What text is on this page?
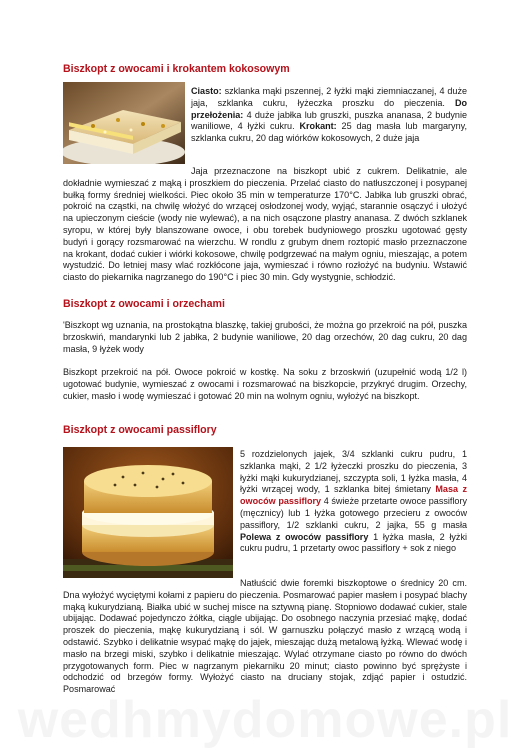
Biszkopt z owocami i krokantem kokosowym
Ciasto: szklanka mąki pszennej, 2 łyżki mąki ziemniaczanej, 4 duże jaja, szklanka cukru, łyżeczka proszku do pieczenia. Do przełożenia: 4 duże jabłka lub gruszki, puszka ananasa, 2 budynie waniliowe, 4 łyżki cukru. Krokant: 25 dag masła lub margaryny, szklanka cukru, 20 dag wiórków kokosowych, 2 duże jaja
Jaja przeznaczone na biszkopt ubić z cukrem. Delikatnie, ale dokładnie wymieszać z mąką i proszkiem do pieczenia. Przelać ciasto do natłuszczonej i posypanej bułką formy średniej wielkości. Piec około 35 min w temperaturze 170°C. Jabłka lub gruszki obrać, pokroić na cząstki, na chwilę włożyć do wrzącej osłodzonej wody, wyjąć, starannie osączyć i ułożyć na upieczonym cieście (wody nie wylewać), a na nich osączone plastry ananasa. Z dwóch szklanek syropu, w której były blanszowane owoce, i obu torebek budyniowego proszku ugotować gęsty budyń i gorący rozsmarować na wierzchu. W rondlu z grubym dnem roztopić masło przeznaczone na krokant, dodać cukier i wiórki kokosowe, chwilę podgrzewać na małym ogniu, mieszając, a potem wystudzić. Do letniej masy wlać rozkłócone jaja, wymieszać i równo rozłożyć na budyniu. Wstawić ciasto do piekarnika nagrzanego do 190°C i piec 30 min. Gdy wystygnie, schłodzić.
Biszkopt z owocami i orzechami
'Biszkopt wg uznania, na prostokątna blaszkę, takiej grubości, że można go przekroić na pół, puszka brzoskwiń, mandarynki lub 2 jabłka, 2 budynie waniliowe, 20 dag orzechów, 20 dag cukru, 20 dag masła, 9 łyżek wody
Biszkopt przekroić na pół. Owoce pokroić w kostkę. Na soku z brzoskwiń (uzupełnić wodą 1/2 l) ugotować budynie, wymieszać z owocami i rozsmarować na biszkopcie, przykryć drugim. Orzechy, cukier, masło i wodę wymieszać i gotować 20 min na wolnym ogniu, wyłożyć na biszkopt.
Biszkopt z owocami passiflory
5 rozdzielonych jajek, 3/4 szklanki cukru pudru, 1 szklanka mąki, 2 1/2 łyżeczki proszku do pieczenia, 3 łyżki mąki kukurydzianej, szczypta soli, 1 łyżka masła, 4 łyżki wrzącej wody, 1 szklanka bitej śmietany Masa z owoców passiflory 4 świeże przetarte owoce passiflory (męcznicy) lub 1 łyżka gotowego przecieru z owoców passiflory, 1/2 szklanki cukru, 2 jajka, 55 g masła Polewa z owoców passiflory 1 łyżka masła, 2 łyżki cukru pudru, 1 przetarty owoc passiflory + sok z niego
Natłuścić dwie foremki biszkoptowe o średnicy 20 cm. Dna wyłożyć wyciętymi kołami z papieru do pieczenia. Posmarować papier masłem i posypać blachy mąką kukurydzianą. Białka ubić w suchej misce na sztywną pianę. Stopniowo dodawać cukier, stale ubijając. Dodawać pojedynczo żółtka, ciągle ubijając. Do osobnego naczynia przesiać mąkę, dodać proszek do pieczenia, mąkę kukurydzianą i sól. W garnuszku połączyć masło z wrzącą wodą i odstawić. Szybko i delikatnie wsypać mąkę do jajek, mieszając dużą metalową łyżką. Wlewać wodę i masło na brzegi miski, szybko i delikatnie mieszając. Wylać otrzymane ciasto po równo do dwóch przygotowanych form. Piec w nagrzanym piekarniku 20 minut; ciasto powinno być sprężyste i odchodzić od brzegów formy. Wyłożyć ciasto na druciany stojak, zdjąć papier i ostudzić. Posmarować
